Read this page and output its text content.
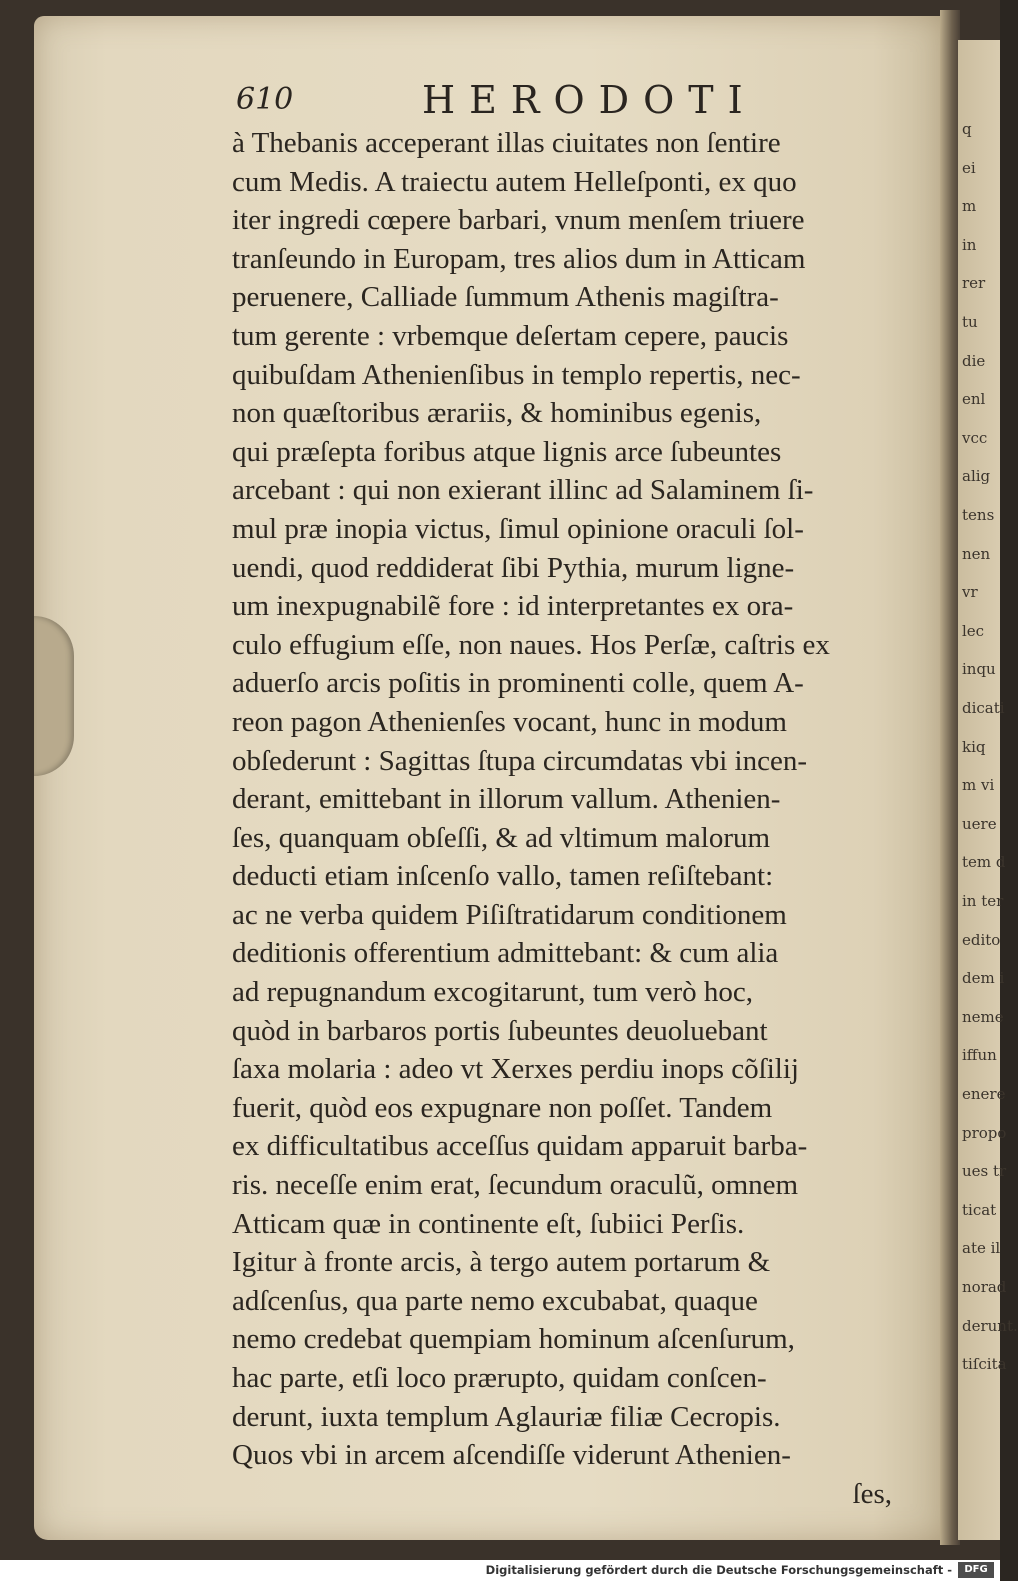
q
ei
m
in
rer
tu
die
enl
vcc
alig
tens
nen
vr
lec
inqu
dicati
kiq
m vi
uere
tem d
in ter
edito
dem i
neme
iffun
enere
propo
ues tr
ticat
ate il
norad
derunt.
tiſcita
610	HERODOTI
à Thebanis acceperant illas ciuitates non ſentire
cum Medis. A traiectu autem Helleſponti, ex quo
iter ingredi cœpere barbari, vnum menſem triuere
tranſeundo in Europam, tres alios dum in Atticam
peruenere, Calliade ſummum Athenis magiſtra-
tum gerente : vrbemque deſertam cepere, paucis
quibuſdam Athenienſibus in templo repertis, nec-
non quæſtoribus ærariis, & hominibus egenis,
qui præſepta foribus atque lignis arce ſubeuntes
arcebant : qui non exierant illinc ad Salaminem ſi-
mul præ inopia victus, ſimul opinione oraculi ſol-
uendi, quod reddiderat ſibi Pythia, murum ligne-
um inexpugnabilẽ fore : id interpretantes ex ora-
culo effugium eſſe, non naues. Hos Perſæ, caſtris ex
aduerſo arcis poſitis in prominenti colle, quem A-
reon pagon Athenienſes vocant, hunc in modum
obſederunt : Sagittas ſtupa circumdatas vbi incen-
derant, emittebant in illorum vallum. Athenien-
ſes, quanquam obſeſſi, & ad vltimum malorum
deducti etiam inſcenſo vallo, tamen reſiſtebant:
ac ne verba quidem Piſiſtratidarum conditionem
deditionis offerentium admittebant: & cum alia
ad repugnandum excogitarunt, tum verò hoc,
quòd in barbaros portis ſubeuntes deuoluebant
ſaxa molaria : adeo vt Xerxes perdiu inops cõſilij
fuerit, quòd eos expugnare non poſſet. Tandem
ex difficultatibus acceſſus quidam apparuit barba-
ris. neceſſe enim erat, ſecundum oraculũ, omnem
Atticam quæ in continente eſt, ſubiici Perſis.
Igitur à fronte arcis, à tergo autem portarum &
adſcenſus, qua parte nemo excubabat, quaque
nemo credebat quempiam hominum aſcenſurum,
hac parte, etſi loco prærupto, quidam conſcen-
derunt, iuxta templum Aglauriæ filiæ Cecropis.
Quos vbi in arcem aſcendiſſe viderunt Athenien-
ſes,
Digitalisierung gefördert durch die Deutsche Forschungsgemeinschaft -	DFG
